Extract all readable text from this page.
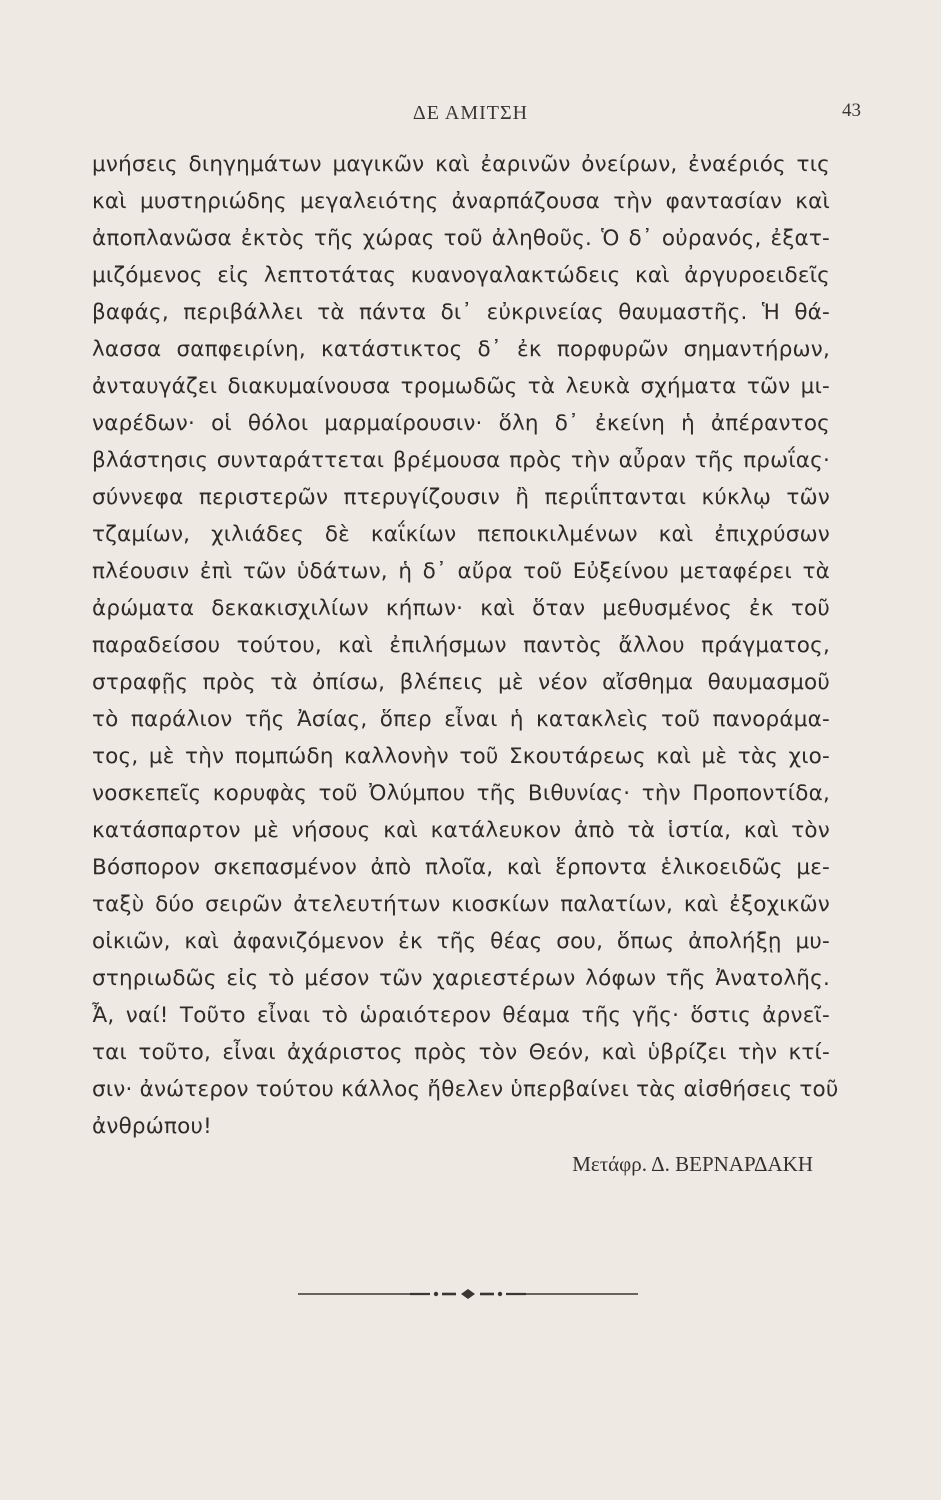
ΔΕ ΑΜΙΤΣΗ	43
μνήσεις διηγημάτων μαγικῶν καὶ ἐαρινῶν ὀνείρων, ἐναέριός τις
καὶ μυστηριώδης μεγαλειότης ἀναρπάζουσα τὴν φαντασίαν καὶ
ἀποπλανῶσα ἐκτὸς τῆς χώρας τοῦ ἀληθοῦς. Ὁ δ᾿ οὐρανός, ἐξατ-
μιζόμενος εἰς λεπτοτάτας κυανογαλακτώδεις καὶ ἀργυροειδεῖς
βαφάς, περιβάλλει τὰ πάντα δι᾿ εὐκρινείας θαυμαστῆς. Ἡ θά-
λασσα σαπφειρίνη, κατάστικτος δ᾿ ἐκ πορφυρῶν σημαντήρων,
ἀνταυγάζει διακυμαίνουσα τρομωδῶς τὰ λευκὰ σχήματα τῶν μι-
ναρέδων· οἱ θόλοι μαρμαίρουσιν· ὅλη δ᾿ ἐκείνη ἡ ἀπέραντος
βλάστησις συνταράττεται βρέμουσα πρὸς τὴν αὖραν τῆς πρωΐας·
σύννεφα περιστερῶν πτερυγίζουσιν ἢ περιΐπτανται κύκλῳ τῶν
τζαμίων, χιλιάδες δὲ καΐκίων πεποικιλμένων καὶ ἐπιχρύσων
πλέουσιν ἐπὶ τῶν ὑδάτων, ἡ δ᾿ αὔρα τοῦ Εὐξείνου μεταφέρει τὰ
ἀρώματα δεκακισχιλίων κήπων· καὶ ὅταν μεθυσμένος ἐκ τοῦ
παραδείσου τούτου, καὶ ἐπιλήσμων παντὸς ἄλλου πράγματος,
στραφῇς πρὸς τὰ ὀπίσω, βλέπεις μὲ νέον αἴσθημα θαυμασμοῦ
τὸ παράλιον τῆς Ἀσίας, ὅπερ εἶναι ἡ κατακλεὶς τοῦ πανοράμα-
τος, μὲ τὴν πομπώδη καλλονὴν τοῦ Σκουτάρεως καὶ μὲ τὰς χιο-
νοσκεπεῖς κορυφὰς τοῦ Ὀλύμπου τῆς Βιθυνίας· τὴν Προποντίδα,
κατάσπαρτον μὲ νήσους καὶ κατάλευκον ἀπὸ τὰ ἱστία, καὶ τὸν
Βόσπορον σκεπασμένον ἀπὸ πλοῖα, καὶ ἕρποντα ἑλικοειδῶς με-
ταξὺ δύο σειρῶν ἀτελευτήτων κιοσκίων παλατίων, καὶ ἐξοχικῶν
οἰκιῶν, καὶ ἀφανιζόμενον ἐκ τῆς θέας σου, ὅπως ἀπολήξῃ μυ-
στηριωδῶς εἰς τὸ μέσον τῶν χαριεστέρων λόφων τῆς Ἀνατολῆς.
Ἆ, ναί! Τοῦτο εἶναι τὸ ὡραιότερον θέαμα τῆς γῆς· ὅστις ἀρνεῖ-
ται τοῦτο, εἶναι ἀχάριστος πρὸς τὸν Θεόν, καὶ ὑβρίζει τὴν κτί-
σιν· ἀνώτερον τούτου κάλλος ἤθελεν ὑπερβαίνει τὰς αἰσθήσεις τοῦ
ἀνθρώπου!
Μετάφρ. Δ. ΒΕΡΝΑΡΔΑΚΗ
